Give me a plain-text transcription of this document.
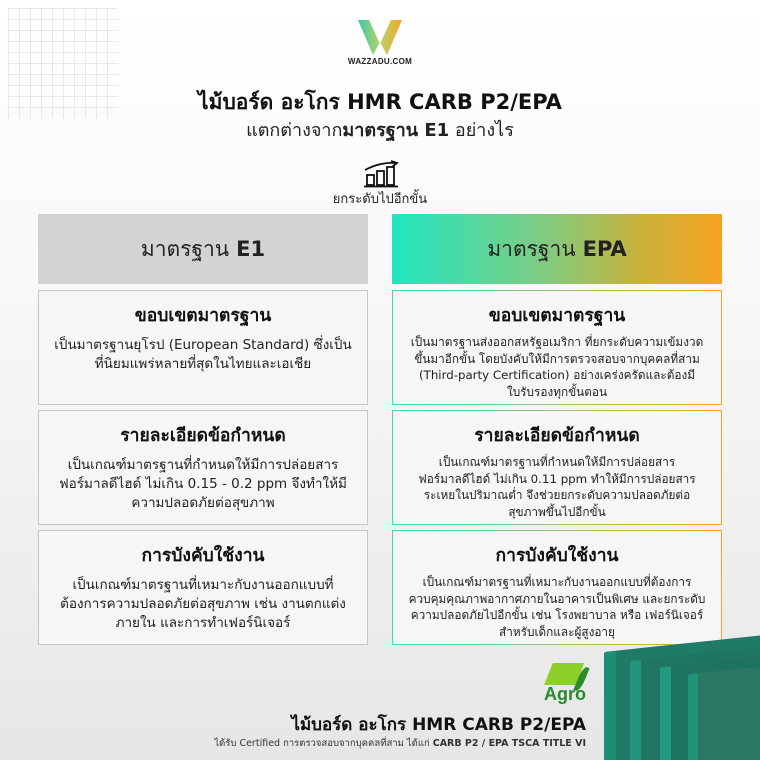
WAZZADU.COM
ไม้บอร์ด อะโกร HMR CARB P2/EPA
แตกต่างจากมาตรฐาน E1 อย่างไร
ยกระดับไปอีกขั้น
มาตรฐาน E1	มาตรฐาน EPA
ขอบเขตมาตรฐาน

เป็นมาตรฐานยุโรป (European Standard) ซึ่งเป็นที่นิยมแพร่หลายที่สุดในไทยและเอเชีย

ขอบเขตมาตรฐาน

เป็นมาตรฐานส่งออกสหรัฐอเมริกา ที่ยกระดับความเข้มงวดขึ้นมาอีกขั้น โดยบังคับให้มีการตรวจสอบจากบุคคลที่สาม (Third-party Certification) อย่างเคร่งครัดและต้องมีใบรับรองทุกขั้นตอน

รายละเอียดข้อกำหนด

เป็นเกณฑ์มาตรฐานที่กำหนดให้มีการปล่อยสารฟอร์มาลดีไฮด์ ไม่เกิน 0.15 - 0.2 ppm จึงทำให้มีความปลอดภัยต่อสุขภาพ

รายละเอียดข้อกำหนด

เป็นเกณฑ์มาตรฐานที่กำหนดให้มีการปล่อยสารฟอร์มาลดีไฮด์ ไม่เกิน 0.11 ppm ทำให้มีการปล่อยสารระเหยในปริมาณต่ำ จึงช่วยยกระดับความปลอดภัยต่อสุขภาพขึ้นไปอีกขั้น

การบังคับใช้งาน

เป็นเกณฑ์มาตรฐานที่เหมาะกับงานออกแบบที่ต้องการความปลอดภัยต่อสุขภาพ เช่น งานตกแต่งภายใน และการทำเฟอร์นิเจอร์

การบังคับใช้งาน

เป็นเกณฑ์มาตรฐานที่เหมาะกับงานออกแบบที่ต้องการควบคุมคุณภาพอากาศภายในอาคารเป็นพิเศษ และยกระดับความปลอดภัยไปอีกขั้น เช่น โรงพยาบาล หรือ เฟอร์นิเจอร์สำหรับเด็กและผู้สูงอายุ

Agro
ไม้บอร์ด อะโกร HMR CARB P2/EPA
ได้รับ Certified การตรวจสอบจากบุคคลที่สาม ได้แก่ CARB P2 / EPA TSCA TITLE VI
